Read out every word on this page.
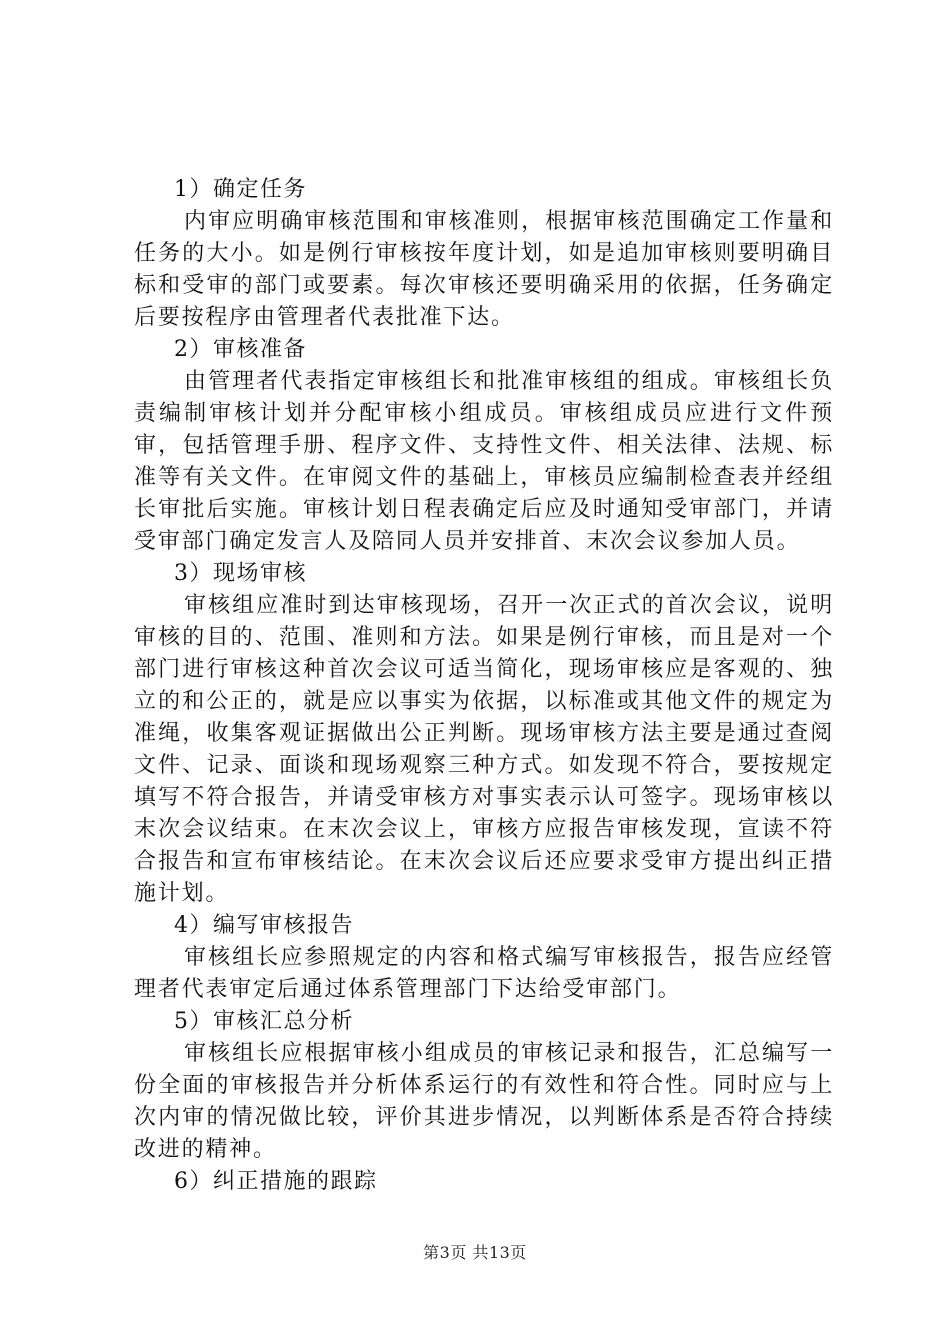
1）确定任务

内审应明确审核范围和审核准则，根据审核范围确定工作量和任务的大小。如是例行审核按年度计划，如是追加审核则要明确目标和受审的部门或要素。每次审核还要明确采用的依据，任务确定后要按程序由管理者代表批准下达。

2）审核准备

由管理者代表指定审核组长和批准审核组的组成。审核组长负责编制审核计划并分配审核小组成员。审核组成员应进行文件预审，包括管理手册、程序文件、支持性文件、相关法律、法规、标准等有关文件。在审阅文件的基础上，审核员应编制检查表并经组长审批后实施。审核计划日程表确定后应及时通知受审部门，并请受审部门确定发言人及陪同人员并安排首、末次会议参加人员。

3）现场审核

审核组应准时到达审核现场，召开一次正式的首次会议，说明审核的目的、范围、准则和方法。如果是例行审核，而且是对一个部门进行审核这种首次会议可适当简化，现场审核应是客观的、独立的和公正的，就是应以事实为依据，以标准或其他文件的规定为准绳，收集客观证据做出公正判断。现场审核方法主要是通过查阅文件、记录、面谈和现场观察三种方式。如发现不符合，要按规定填写不符合报告，并请受审核方对事实表示认可签字。现场审核以末次会议结束。在末次会议上，审核方应报告审核发现，宣读不符合报告和宣布审核结论。在末次会议后还应要求受审方提出纠正措施计划。

4）编写审核报告

审核组长应参照规定的内容和格式编写审核报告，报告应经管理者代表审定后通过体系管理部门下达给受审部门。

5）审核汇总分析

审核组长应根据审核小组成员的审核记录和报告，汇总编写一份全面的审核报告并分析体系运行的有效性和符合性。同时应与上次内审的情况做比较，评价其进步情况，以判断体系是否符合持续改进的精神。

6）纠正措施的跟踪

第3页 共13页
